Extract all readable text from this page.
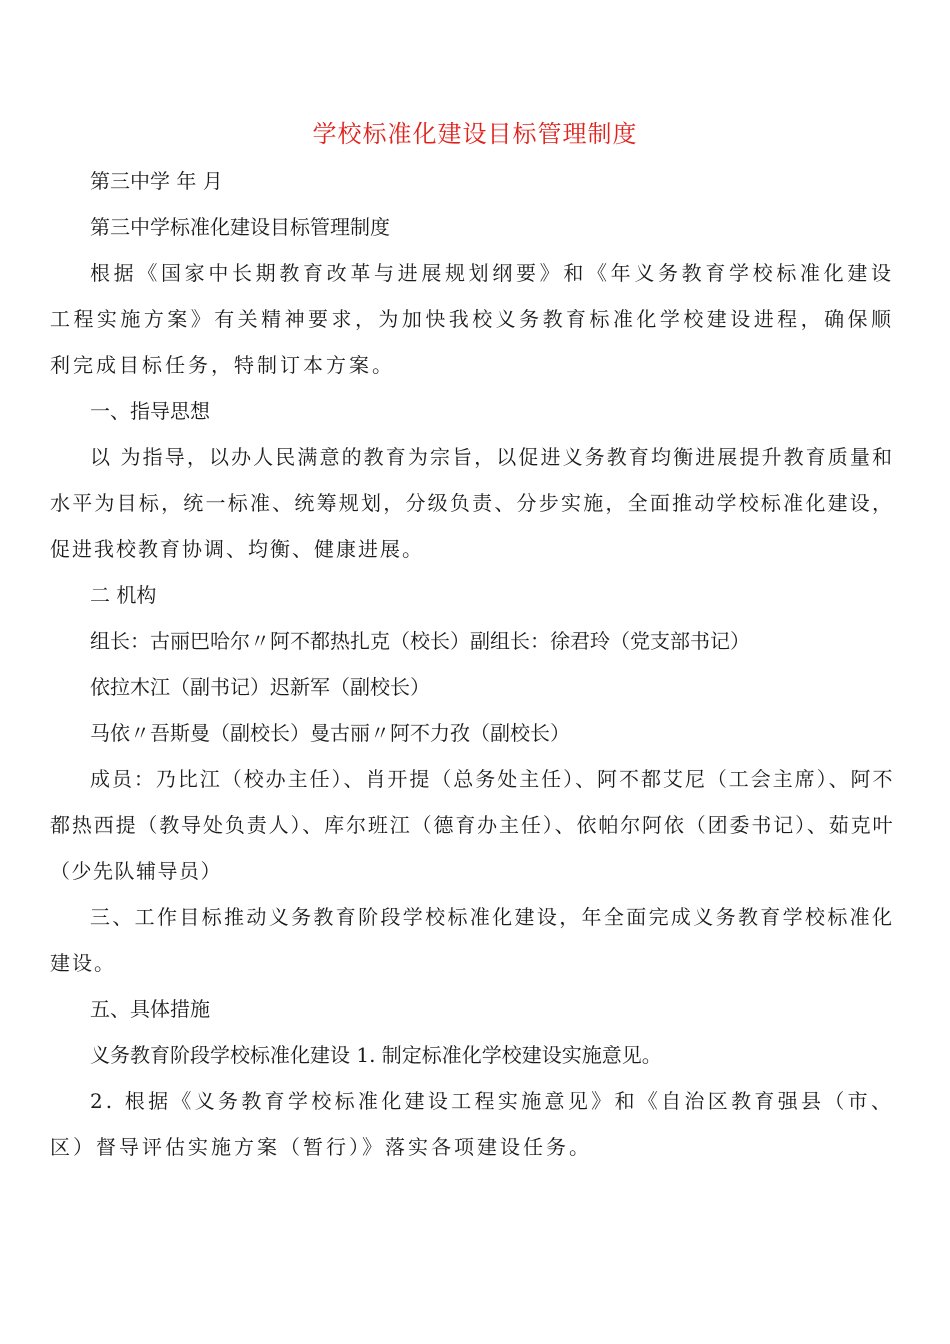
学校标准化建设目标管理制度

第三中学 年 月

第三中学标准化建设目标管理制度

根据《国家中长期教育改革与进展规划纲要》和《年义务教育学校标准化建设工程实施方案》有关精神要求，为加快我校义务教育标准化学校建设进程，确保顺利完成目标任务，特制订本方案。

一、指导思想

以 为指导，以办人民满意的教育为宗旨，以促进义务教育均衡进展提升教育质量和水平为目标，统一标准、统筹规划，分级负责、分步实施，全面推动学校标准化建设，促进我校教育协调、均衡、健康进展。

二 机构

组长：古丽巴哈尔〃阿不都热扎克（校长）副组长：徐君玲（党支部书记）

依拉木江（副书记）迟新军（副校长）

马依〃吾斯曼（副校长）曼古丽〃阿不力孜（副校长）

成员：乃比江（校办主任）、肖开提（总务处主任）、阿不都艾尼（工会主席）、阿不都热西提（教导处负责人）、库尔班江（德育办主任）、依帕尔阿依（团委书记）、茹克叶（少先队辅导员）

三、工作目标推动义务教育阶段学校标准化建设，年全面完成义务教育学校标准化建设。

五、具体措施

义务教育阶段学校标准化建设 1. 制定标准化学校建设实施意见。

2. 根据《义务教育学校标准化建设工程实施意见》和《自治区教育强县（市、区）督导评估实施方案（暂行）》落实各项建设任务。
